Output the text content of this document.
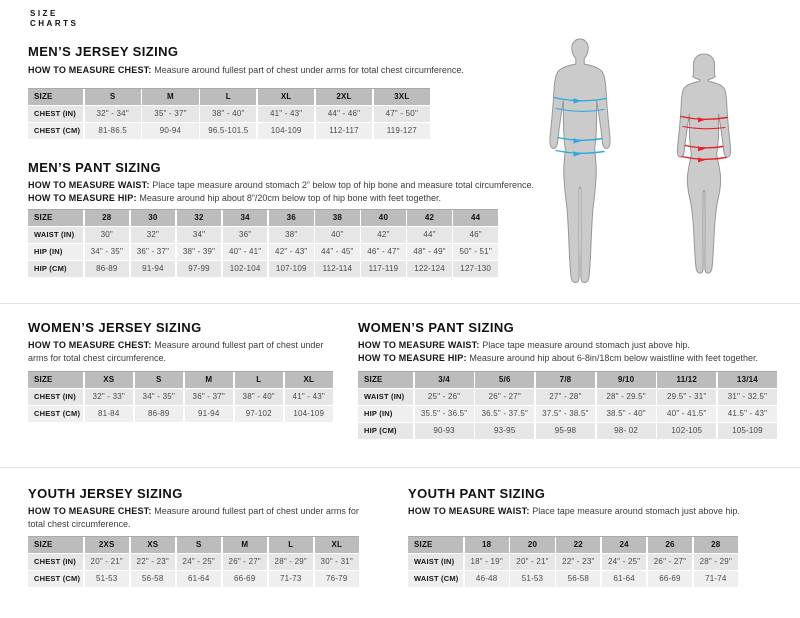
SIZE
CHARTS
MEN’S JERSEY SIZING
HOW TO MEASURE CHEST: Measure around fullest part of chest under arms for total chest circumference.
SIZE	S	M	L	XL	2XL	3XL
CHEST (IN)	32" - 34"	35" - 37"	38" - 40"	41" - 43"	44" - 46"	47" - 50"
CHEST (CM)	81-86.5	90-94	96.5-101.5	104-109	112-117	119-127
MEN’S PANT SIZING
HOW TO MEASURE WAIST: Place tape measure around stomach 2” below top of hip bone and measure total circumference.
HOW TO MEASURE HIP: Measure around hip about 8”/20cm below top of hip bone with feet together.
SIZE	28	30	32	34	36	38	40	42	44
WAIST (IN)	30"	32"	34"	36"	38"	40"	42"	44"	46"
HIP (IN)	34" - 35"	36" - 37"	38" - 39"	40" - 41"	42" - 43"	44" - 45"	46" - 47"	48" - 49"	50" - 51"
HIP (CM)	86-89	91-94	97-99	102-104	107-109	112-114	117-119	122-124	127-130
WOMEN’S JERSEY SIZING
HOW TO MEASURE CHEST: Measure around fullest part of chest under arms for total chest circumference.
SIZE	XS	S	M	L	XL
CHEST (IN)	32" - 33"	34" - 35"	36" - 37"	38" - 40"	41" - 43"
CHEST (CM)	81-84	86-89	91-94	97-102	104-109
WOMEN’S PANT SIZING
HOW TO MEASURE WAIST: Place tape measure around stomach just above hip.
HOW TO MEASURE HIP: Measure around hip about 6-8in/18cm below waistline with feet together.
SIZE	3/4	5/6	7/8	9/10	11/12	13/14
WAIST (IN)	25" - 26"	26" - 27"	27" - 28"	28" - 29.5"	29.5" - 31"	31" - 32.5"
HIP (IN)	35.5" - 36.5"	36.5" - 37.5"	37.5" - 38.5"	38.5" - 40"	40" - 41.5"	41.5" - 43"
HIP (CM)	90-93	93-95	95-98	98- 02	102-105	105-109
YOUTH JERSEY SIZING
HOW TO MEASURE CHEST: Measure around fullest part of chest under arms for total chest circumference.
SIZE	2XS	XS	S	M	L	XL
CHEST (IN)	20" - 21"	22" - 23"	24" - 25"	26" - 27"	28" - 29"	30" - 31"
CHEST (CM)	51-53	56-58	61-64	66-69	71-73	76-79
YOUTH PANT SIZING
HOW TO MEASURE WAIST: Place tape measure around stomach just above hip.
SIZE	18	20	22	24	26	28
WAIST (IN)	18" - 19"	20" - 21"	22" - 23"	24" - 25"	26" - 27"	28" - 29"
WAIST (CM)	46-48	51-53	56-58	61-64	66-69	71-74
